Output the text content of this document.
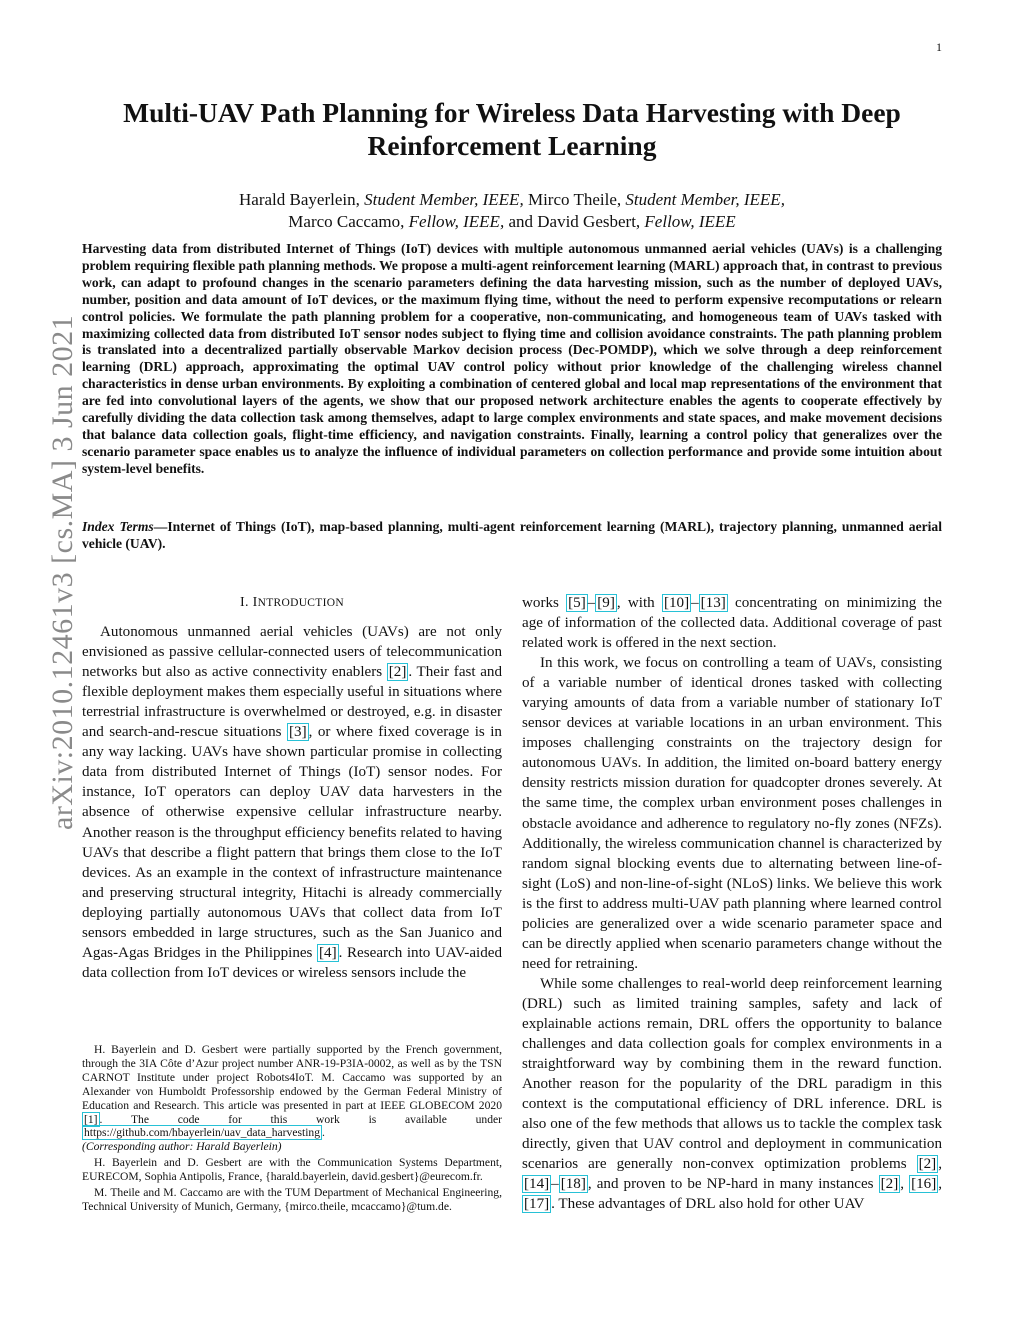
1
arXiv:2010.12461v3 [cs.MA] 3 Jun 2021
Multi-UAV Path Planning for Wireless Data Harvesting with Deep Reinforcement Learning
Harald Bayerlein, Student Member, IEEE, Mirco Theile, Student Member, IEEE,
Marco Caccamo, Fellow, IEEE, and David Gesbert, Fellow, IEEE
Harvesting data from distributed Internet of Things (IoT) devices with multiple autonomous unmanned aerial vehicles (UAVs) is a challenging problem requiring flexible path planning methods. We propose a multi-agent reinforcement learning (MARL) approach that, in contrast to previous work, can adapt to profound changes in the scenario parameters defining the data harvesting mission, such as the number of deployed UAVs, number, position and data amount of IoT devices, or the maximum flying time, without the need to perform expensive recomputations or relearn control policies. We formulate the path planning problem for a cooperative, non-communicating, and homogeneous team of UAVs tasked with maximizing collected data from distributed IoT sensor nodes subject to flying time and collision avoidance constraints. The path planning problem is translated into a decentralized partially observable Markov decision process (Dec-POMDP), which we solve through a deep reinforcement learning (DRL) approach, approximating the optimal UAV control policy without prior knowledge of the challenging wireless channel characteristics in dense urban environments. By exploiting a combination of centered global and local map representations of the environment that are fed into convolutional layers of the agents, we show that our proposed network architecture enables the agents to cooperate effectively by carefully dividing the data collection task among themselves, adapt to large complex environments and state spaces, and make movement decisions that balance data collection goals, flight-time efficiency, and navigation constraints. Finally, learning a control policy that generalizes over the scenario parameter space enables us to analyze the influence of individual parameters on collection performance and provide some intuition about system-level benefits.
Index Terms—Internet of Things (IoT), map-based planning, multi-agent reinforcement learning (MARL), trajectory planning, unmanned aerial vehicle (UAV).
I. INTRODUCTION

Autonomous unmanned aerial vehicles (UAVs) are not only envisioned as passive cellular-connected users of telecommunication networks but also as active connectivity enablers [2] . Their fast and flexible deployment makes them especially useful in situations where terrestrial infrastructure is overwhelmed or destroyed, e.g. in disaster and search-and-rescue situations [3] , or where fixed coverage is in any way lacking. UAVs have shown particular promise in collecting data from distributed Internet of Things (IoT) sensor nodes. For instance, IoT operators can deploy UAV data harvesters in the absence of otherwise expensive cellular infrastructure nearby. Another reason is the throughput efficiency benefits related to having UAVs that describe a flight pattern that brings them close to the IoT devices. As an example in the context of infrastructure maintenance and preserving structural integrity, Hitachi is already commercially deploying partially autonomous UAVs that collect data from IoT sensors embedded in large structures, such as the San Juanico and Agas-Agas Bridges in the Philippines [4] . Research into UAV-aided data collection from IoT devices or wireless sensors include the

H. Bayerlein and D. Gesbert were partially supported by the French government, through the 3IA Côte d’Azur project number ANR-19-P3IA-0002, as well as by the TSN CARNOT Institute under project Robots4IoT. M. Caccamo was supported by an Alexander von Humboldt Professorship endowed by the German Federal Ministry of Education and Research. This article was presented in part at IEEE GLOBECOM 2020 [1] . The code for this work is available under https://github.com/hbayerlein/uav_data_harvesting .
(Corresponding author: Harald Bayerlein)

H. Bayerlein and D. Gesbert are with the Communication Systems Department, EURECOM, Sophia Antipolis, France, {harald.bayerlein, david.gesbert}@eurecom.fr.

M. Theile and M. Caccamo are with the TUM Department of Mechanical Engineering, Technical University of Munich, Germany, {mirco.theile, mcaccamo}@tum.de.

works [5] – [9] , with [10] – [13] concentrating on minimizing the age of information of the collected data. Additional coverage of past related work is offered in the next section.

In this work, we focus on controlling a team of UAVs, consisting of a variable number of identical drones tasked with collecting varying amounts of data from a variable number of stationary IoT sensor devices at variable locations in an urban environment. This imposes challenging constraints on the trajectory design for autonomous UAVs. In addition, the limited on-board battery energy density restricts mission duration for quadcopter drones severely. At the same time, the complex urban environment poses challenges in obstacle avoidance and adherence to regulatory no-fly zones (NFZs). Additionally, the wireless communication channel is characterized by random signal blocking events due to alternating between line-of-sight (LoS) and non-line-of-sight (NLoS) links. We believe this work is the first to address multi-UAV path planning where learned control policies are generalized over a wide scenario parameter space and can be directly applied when scenario parameters change without the need for retraining.

While some challenges to real-world deep reinforcement learning (DRL) such as limited training samples, safety and lack of explainable actions remain, DRL offers the opportunity to balance challenges and data collection goals for complex environments in a straightforward way by combining them in the reward function. Another reason for the popularity of the DRL paradigm in this context is the computational efficiency of DRL inference. DRL is also one of the few methods that allows us to tackle the complex task directly, given that UAV control and deployment in communication scenarios are generally non-convex optimization problems [2] , [14] – [18] , and proven to be NP-hard in many instances [2] , [16] , [17] . These advantages of DRL also hold for other UAV
